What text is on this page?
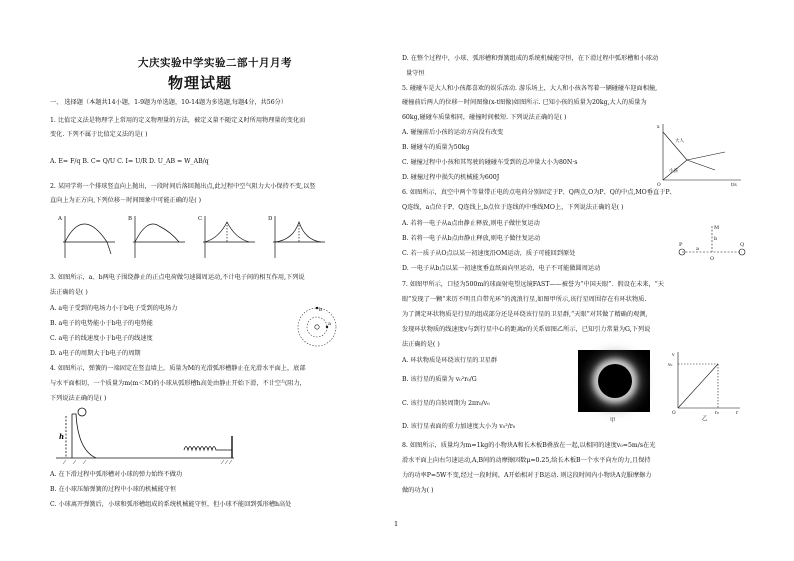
大庆实验中学实验二部十月月考
物理试题
一、 选择题（本题共14小题，1-9题为单选题，10-14题为多选题,每题4分，共56分）
1. 比值定义法是物理学上常用的定义物理量的方法，被定义量不随定义时所用物理量的变化而
变化. 下列不属于比值定义法的是( )
A. E= F/q B. C= Q/U C. I= U/R D. U_AB = W_AB/q
2. 某同学将一个排球竖直向上抛出，一段时间后落回抛出点,此过程中空气阻力大小保持不变,以竖
直向上为正方向,下列位移－时间图象中可能正确的是( )
3. 如图所示，a、b两电子围绕静止的正点电荷做匀速圆周运动,不计电子间的相互作用,下列说
法正确的是( )
A. a电子受到的电场力小于b电子受到的电场力
B. a电子的电势能小于b电子的电势能
C. a电子的线速度小于b电子的线速度
D. a电子的周期大于b电子的周期
4. 如图所示，弹簧的一端固定在竖直墙上，质量为M的光滑弧形槽静止在光滑水平面上，底部
与水平面相切，一个质量为m(m＜M)的小球从弧形槽h高处由静止开始下滑，不计空气阻力，
下列说法正确的是( )
A. 在下滑过程中弧形槽对小球的弹力始终不做功
B. 在小球压缩弹簧的过程中小球的机械能守恒
C. 小球离开弹簧后，小球和弧形槽组成的系统机械能守恒，但小球不能回到弧形槽h高处
A	B	C	D
a
b
h
D. 在整个过程中，小球、弧形槽和弹簧组成的系统机械能守恒，在下滑过程中弧形槽和小球动
量守恒
5. 碰碰车是大人和小孩都喜欢的娱乐活动. 游乐场上，大人和小孩各驾着一辆碰碰车迎面相撞,
碰撞前后两人的位移－时间图像(x-t图像)如图所示. 已知小孩的质量为20kg,大人的质量为
60kg,碰碰车质量相同，碰撞时间极短. 下列说法正确的是( )
A. 碰撞前后小孩的运动方向没有改变
B. 碰碰车的质量为50kg
C. 碰撞过程中小孩和其驾驶的碰碰车受到的总冲量大小为80N·s
D. 碰撞过程中损失的机械能为600J
6. 如图所示，真空中两个等量带正电的点电荷分别固定于P、Q两点,O为P、Q的中点,MO垂直于P、
Q连线，a点位于P、Q连线上,b点位于连线的中垂线MO上，下列说法正确的是( )
A. 若将一电子从a点由静止释放,则电子做往复运动
B. 若将一电子从b点由静止释放,则电子做往复运动
C. 若一质子从O点以某一初速度沿OM运动，质子可能回到原处
D. 一电子从b点以某一初速度垂直纸面向里运动，电子不可能做圆周运动
7. 如图甲所示，口径为500m的球面射电望远镜FAST——被誉为“中国天眼”．假设在未来，“天
眼”发现了一颗“来历不明且自带光环”的流浪行星,如图甲所示,该行星周围存在有环状物质.
为了测定环状物质是行星的组成部分还是环绕该行星的卫星群,“天眼”对其做了精确的观测,
发现环状物质的线速度v与到行星中心的距离r的关系如图乙所示，已知引力常量为G,下列说
法正确的是( )
A. 环状物质是环绕该行星的卫星群
B. 该行星的质量为 v₀²r₀/G
C. 该行星的自转周期为 2πr₀/v₀
D. 该行星表面的重力加速度大小为 v₀²/r₀
8. 如图所示，质量均为m=1kg的小物块A和长木板B叠放在一起,以相同的速度v₀=5m/s在光
滑水平面上向右匀速运动,A,B间的动摩擦因数μ=0.25,给长木板B一个水平向左的力,且保持
力的功率P=5W不变,经过一段时间，A开始相对于B运动. 则这段时间内小物块A克服摩擦力
做的功为( )
x
t/s
O
大人
小孩
P	Q
O
M
a
b
甲
v
r
O
v₀
r₀
乙
1
